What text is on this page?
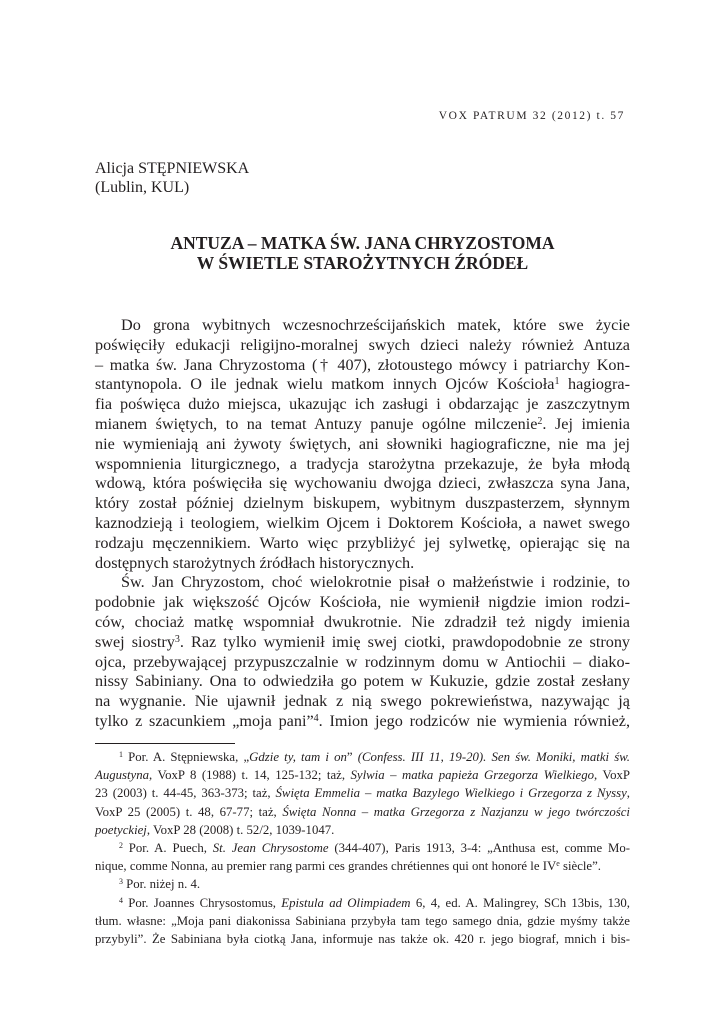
VOX PATRUM 32 (2012) t. 57
Alicja STĘPNIEWSKA
(Lublin, KUL)
ANTUZA – MATKA ŚW. JANA CHRYZOSTOMA
W ŚWIETLE STAROŻYTNYCH ŹRÓDEŁ
Do grona wybitnych wczesnochrześcijańskich matek, które swe życie
poświęciły edukacji religijno-moralnej swych dzieci należy również Antuza
– matka św. Jana Chryzostoma († 407), złotoustego mówcy i patriarchy Kon-
stantynopola. O ile jednak wielu matkom innych Ojców Kościoła$^1$ hagiogra-
fia poświęca dużo miejsca, ukazując ich zasługi i obdarzając je zaszczytnym
mianem świętych, to na temat Antuzy panuje ogólne milczenie$^2$. Jej imienia
nie wymieniają ani żywoty świętych, ani słowniki hagiograficzne, nie ma jej
wspomnienia liturgicznego, a tradycja starożytna przekazuje, że była młodą
wdową, która poświęciła się wychowaniu dwojga dzieci, zwłaszcza syna Jana,
który został później dzielnym biskupem, wybitnym duszpasterzem, słynnym
kaznodzieją i teologiem, wielkim Ojcem i Doktorem Kościoła, a nawet swego
rodzaju męczennikiem. Warto więc przybliżyć jej sylwetkę, opierając się na
dostępnych starożytnych źródłach historycznych.
Św. Jan Chryzostom, choć wielokrotnie pisał o małżeństwie i rodzinie, to
podobnie jak większość Ojców Kościoła, nie wymienił nigdzie imion rodzi-
ców, chociaż matkę wspomniał dwukrotnie. Nie zdradził też nigdy imienia
swej siostry$^3$. Raz tylko wymienił imię swej ciotki, prawdopodobnie ze strony
ojca, przebywającej przypuszczalnie w rodzinnym domu w Antiochii – diako-
nissy Sabiniany. Ona to odwiedziła go potem w Kukuzie, gdzie został zesłany
na wygnanie. Nie ujawnił jednak z nią swego pokrewieństwa, nazywając ją
tylko z szacunkiem „moja pani”$^4$. Imion jego rodziców nie wymienia również,
$^1$ Por. A. Stępniewska, „Gdzie ty, tam i on” (Confess. III 11, 19-20). Sen św. Moniki, matki św.
Augustyna, VoxP 8 (1988) t. 14, 125-132; taż, Sylwia – matka papieża Grzegorza Wielkiego, VoxP
23 (2003) t. 44-45, 363-373; taż, Święta Emmelia – matka Bazylego Wielkiego i Grzegorza z Nyssy,
VoxP 25 (2005) t. 48, 67-77; taż, Święta Nonna – matka Grzegorza z Nazjanzu w jego twórczości
poetyckiej, VoxP 28 (2008) t. 52/2, 1039-1047.
$^2$ Por. A. Puech, St. Jean Chrysostome (344-407), Paris 1913, 3-4: „Anthusa est, comme Mo-
nique, comme Nonna, au premier rang parmi ces grandes chrétiennes qui ont honoré le IVe siècle”.
$^3$ Por. niżej n. 4.
$^4$ Por. Joannes Chrysostomus, Epistula ad Olimpiadem 6, 4, ed. A. Malingrey, SCh 13bis, 130,
tłum. własne: „Moja pani diakonissa Sabiniana przybyła tam tego samego dnia, gdzie myśmy także
przybyli”. Że Sabiniana była ciotką Jana, informuje nas także ok. 420 r. jego biograf, mnich i bis-
